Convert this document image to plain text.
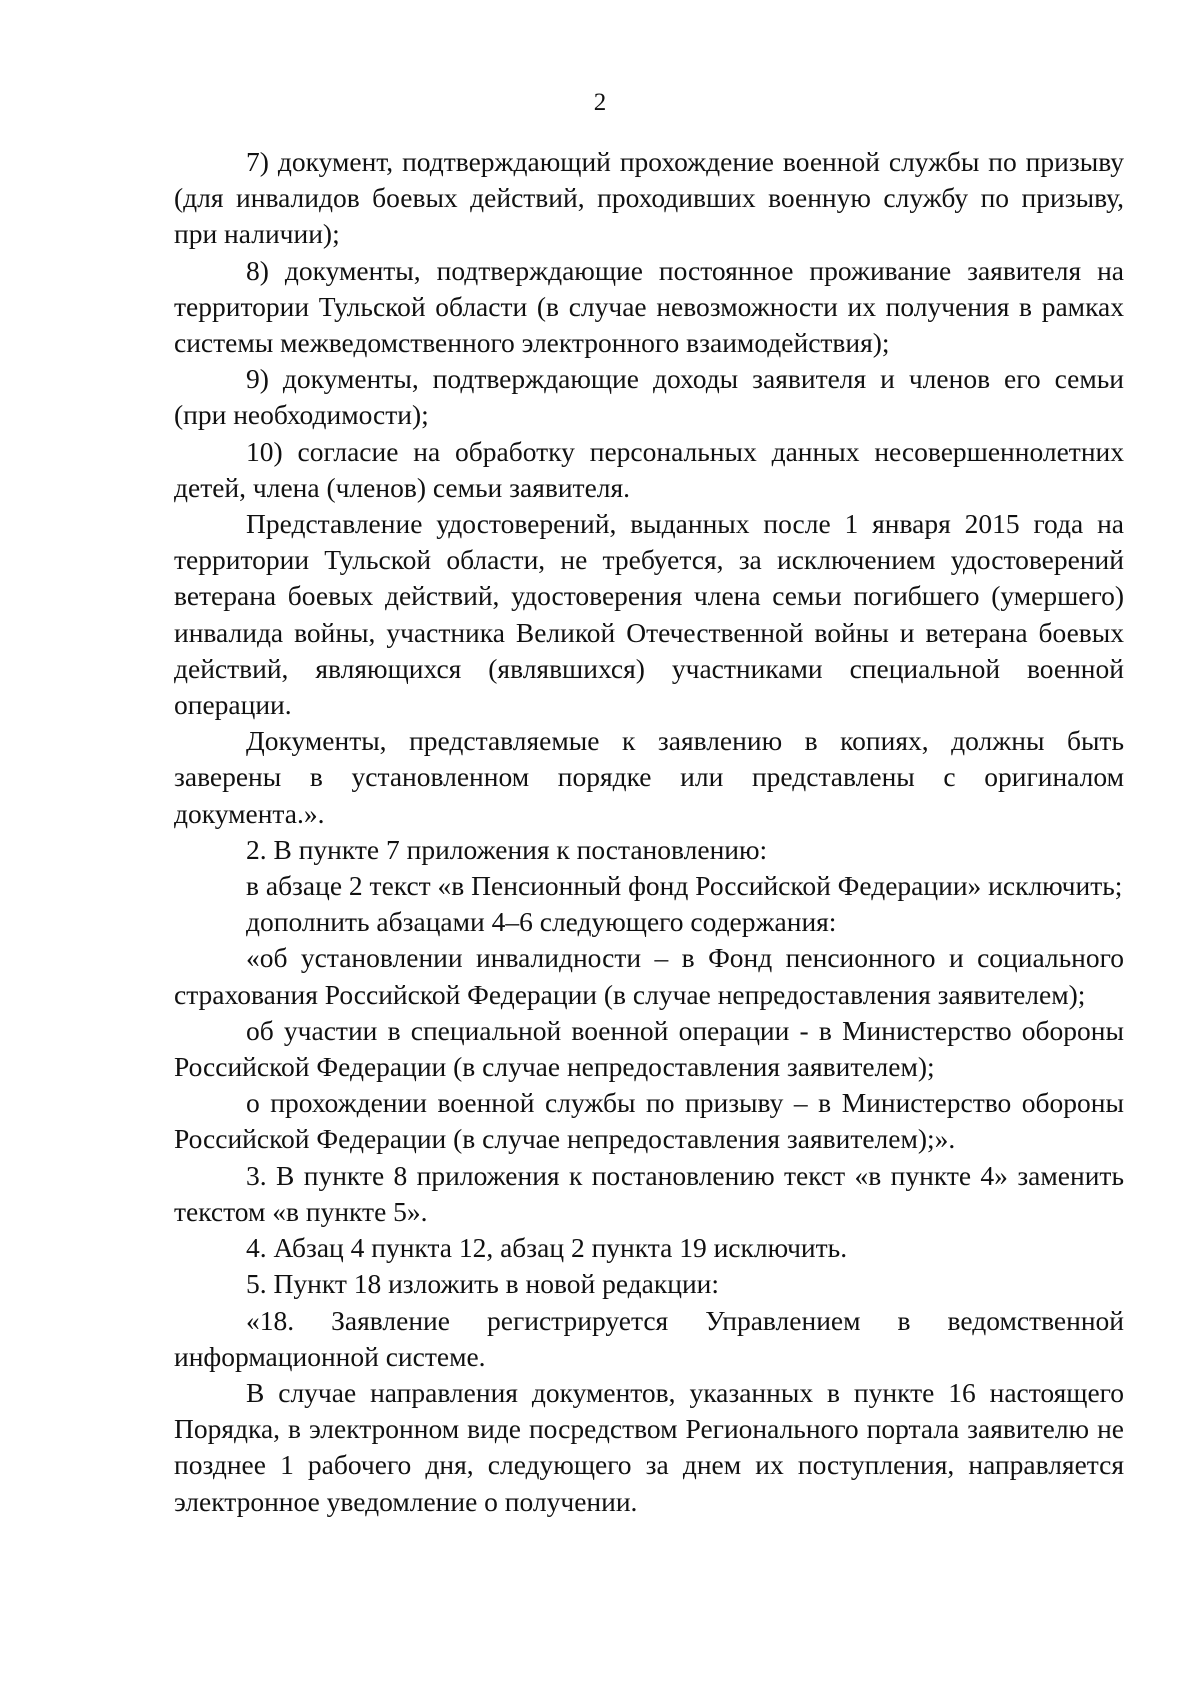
2

7) документ, подтверждающий прохождение военной службы по призыву (для инвалидов боевых действий, проходивших военную службу по призыву, при наличии);

8) документы, подтверждающие постоянное проживание заявителя на территории Тульской области (в случае невозможности их получения в рамках системы межведомственного электронного взаимодействия);

9) документы, подтверждающие доходы заявителя и членов его семьи (при необходимости);

10) согласие на обработку персональных данных несовершеннолетних детей, члена (членов) семьи заявителя.

Представление удостоверений, выданных после 1 января 2015 года на территории Тульской области, не требуется, за исключением удостоверений ветерана боевых действий, удостоверения члена семьи погибшего (умершего) инвалида войны, участника Великой Отечественной войны и ветерана боевых действий, являющихся (являвшихся) участниками специальной военной операции.

Документы, представляемые к заявлению в копиях, должны быть заверены в установленном порядке или представлены с оригиналом документа.».

2. В пункте 7 приложения к постановлению:

в абзаце 2 текст «в Пенсионный фонд Российской Федерации» исключить;

дополнить абзацами 4–6 следующего содержания:

«об установлении инвалидности – в Фонд пенсионного и социального страхования Российской Федерации (в случае непредоставления заявителем);

об участии в специальной военной операции - в Министерство обороны Российской Федерации (в случае непредоставления заявителем);

о прохождении военной службы по призыву – в Министерство обороны Российской Федерации (в случае непредоставления заявителем);».

3. В пункте 8 приложения к постановлению текст «в пункте 4» заменить текстом «в пункте 5».

4. Абзац 4 пункта 12, абзац 2 пункта 19 исключить.

5. Пункт 18 изложить в новой редакции:

«18. Заявление регистрируется Управлением в ведомственной информационной системе.

В случае направления документов, указанных в пункте 16 настоящего Порядка, в электронном виде посредством Регионального портала заявителю не позднее 1 рабочего дня, следующего за днем их поступления, направляется электронное уведомление о получении.
